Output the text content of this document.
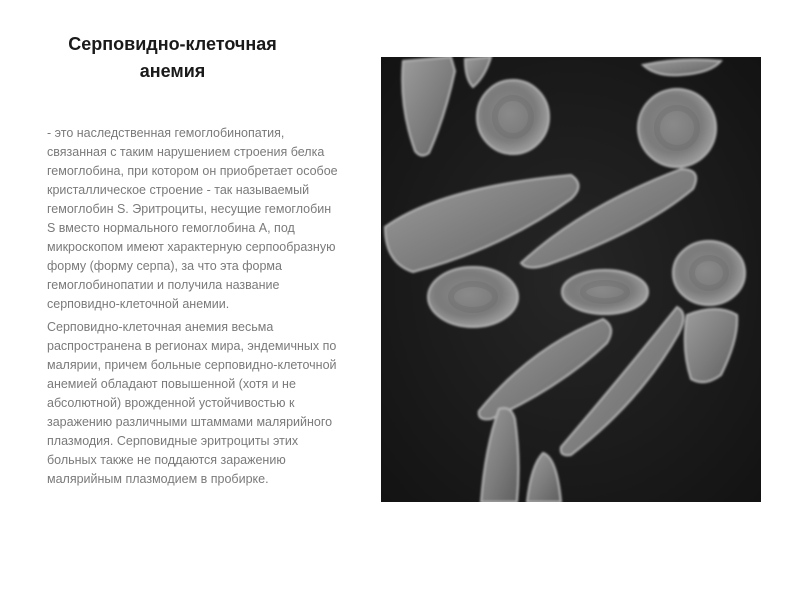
Серповидно-клеточная анемия

- это наследственная гемоглобинопатия, связанная с таким нарушением строения белка гемоглобина, при котором он приобретает особое кристаллическое строение - так называемый гемоглобин S. Эритроциты, несущие гемоглобин S вместо нормального гемоглобина A, под микроскопом имеют характерную серпообразную форму (форму серпа), за что эта форма гемоглобинопатии и получила название серповидно-клеточной анемии.

Серповидно-клеточная анемия весьма распространена в регионах мира, эндемичных по малярии, причем больные серповидно-клеточной анемией обладают повышенной (хотя и не абсолютной) врожденной устойчивостью к заражению различными штаммами малярийного плазмодия. Серповидные эритроциты этих больных также не поддаются заражению малярийным плазмодием в пробирке.
